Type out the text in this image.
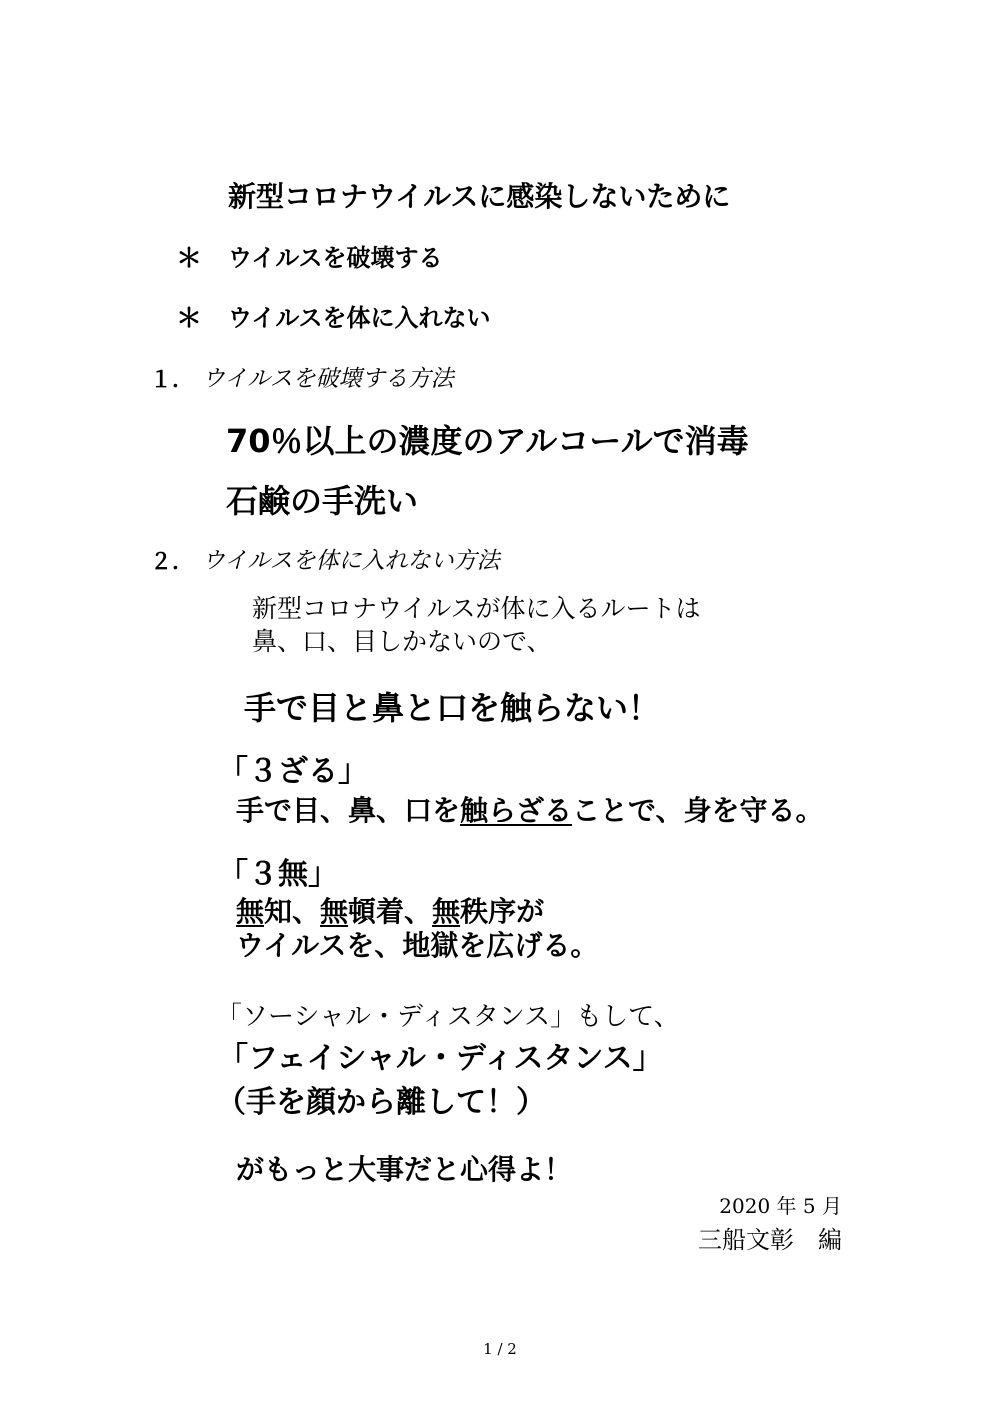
新型コロナウイルスに感染しないために
＊ ウイルスを破壊する
＊ ウイルスを体に入れない
１． ウイルスを破壊する方法
70％以上の濃度のアルコールで消毒
石鹸の手洗い
２． ウイルスを体に入れない方法
新型コロナウイルスが体に入るルートは
鼻、口、目しかないので、
手で目と鼻と口を触らない！
「３ざる」
手で目、鼻、口を触らざることで、身を守る。
「３無」
無知、無頓着、無秩序が
ウイルスを、地獄を広げる。
「ソーシャル・ディスタンス」もして、
「フェイシャル・ディスタンス」
（手を顔から離して！）
がもっと大事だと心得よ！
2020 年 5 月
三船文彰　編
1 / 2
